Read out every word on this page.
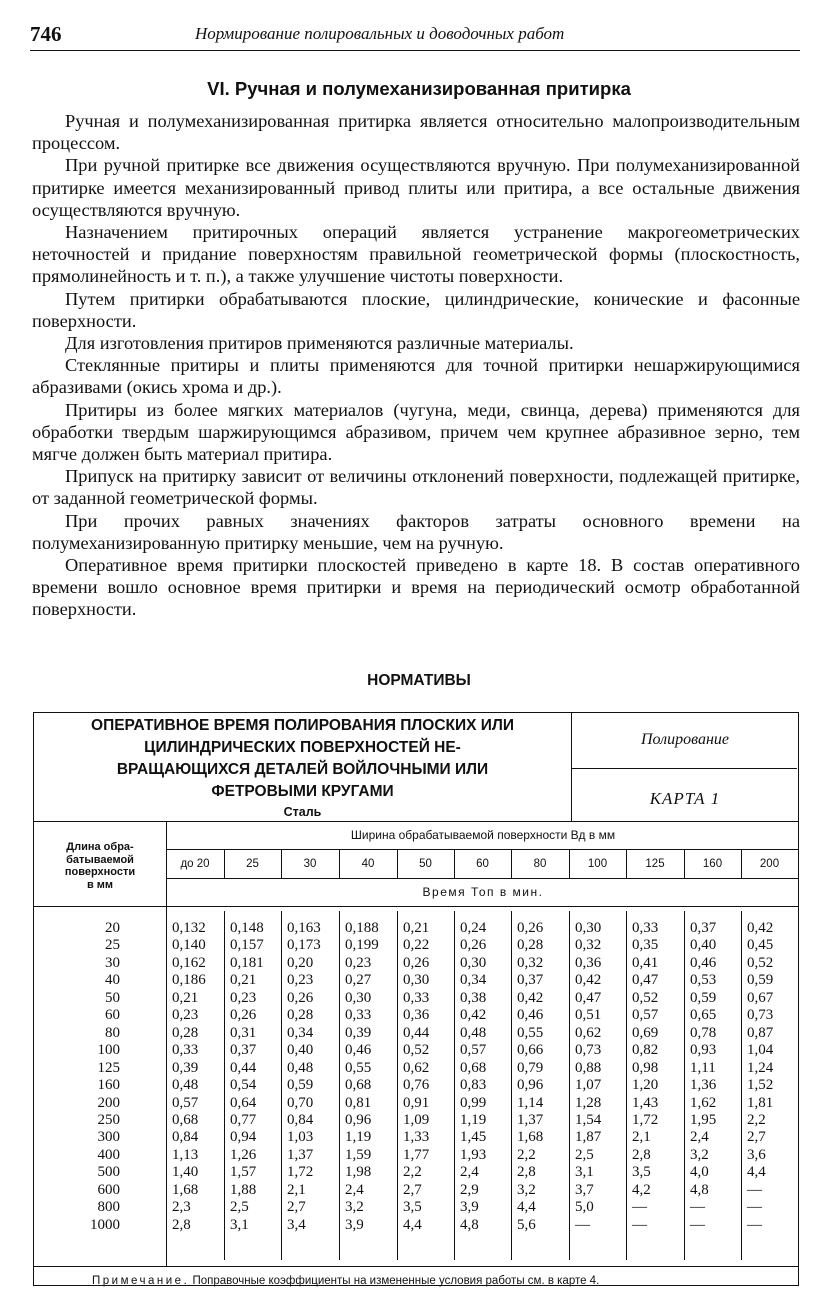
746	Нормирование полировальных и доводочных работ
VI. Ручная и полумеханизированная притирка

Ручная и полумеханизированная притирка является относительно малопроизводительным процессом.

При ручной притирке все движения осуществляются вручную. При полумеханизированной притирке имеется механизированный привод плиты или притира, а все остальные движения осуществляются вручную.

Назначением притирочных операций является устранение макрогеометрических неточностей и придание поверхностям правильной геометрической формы (плоскостность, прямолинейность и т. п.), а также улучшение чистоты поверхности.

Путем притирки обрабатываются плоские, цилиндрические, конические и фасонные поверхности.

Для изготовления притиров применяются различные материалы.

Стеклянные притиры и плиты применяются для точной притирки нешаржирующимися абразивами (окись хрома и др.).

Притиры из более мягких материалов (чугуна, меди, свинца, дерева) применяются для обработки твердым шаржирующимся абразивом, причем чем крупнее абразивное зерно, тем мягче должен быть материал притира.

Припуск на притирку зависит от величины отклонений поверхности, подлежащей притирке, от заданной геометрической формы.

При прочих равных значениях факторов затраты основного времени на полумеханизированную притирку меньшие, чем на ручную.

Оперативное время притирки плоскостей приведено в карте 18. В состав оперативного времени вошло основное время притирки и время на периодический осмотр обработанной поверхности.

НОРМАТИВЫ
ОПЕРАТИВНОЕ ВРЕМЯ ПОЛИРОВАНИЯ ПЛОСКИХ ИЛИ
ЦИЛИНДРИЧЕСКИХ ПОВЕРХНОСТЕЙ НЕ-
ВРАЩАЮЩИХСЯ ДЕТАЛЕЙ ВОЙЛОЧНЫМИ ИЛИ
ФЕТРОВЫМИ КРУГАМИ
Сталь
Полирование
КАРТА 1
Длина обра-
батываемой
поверхности
в мм
Ширина обрабатываемой поверхности Вд в мм
Время Топ в мин.
Примечание. Поправочные коэффициенты на измененные условия работы см. в карте 4.
до 20
0,132
0,140
0,162
0,186
0,21
0,23
0,28
0,33
0,39
0,48
0,57
0,68
0,84
1,13
1,40
1,68
2,3
2,8
25
0,148
0,157
0,181
0,21
0,23
0,26
0,31
0,37
0,44
0,54
0,64
0,77
0,94
1,26
1,57
1,88
2,5
3,1
30
0,163
0,173
0,20
0,23
0,26
0,28
0,34
0,40
0,48
0,59
0,70
0,84
1,03
1,37
1,72
2,1
2,7
3,4
40
0,188
0,199
0,23
0,27
0,30
0,33
0,39
0,46
0,55
0,68
0,81
0,96
1,19
1,59
1,98
2,4
3,2
3,9
50
0,21
0,22
0,26
0,30
0,33
0,36
0,44
0,52
0,62
0,76
0,91
1,09
1,33
1,77
2,2
2,7
3,5
4,4
60
0,24
0,26
0,30
0,34
0,38
0,42
0,48
0,57
0,68
0,83
0,99
1,19
1,45
1,93
2,4
2,9
3,9
4,8
80
0,26
0,28
0,32
0,37
0,42
0,46
0,55
0,66
0,79
0,96
1,14
1,37
1,68
2,2
2,8
3,2
4,4
5,6
100
0,30
0,32
0,36
0,42
0,47
0,51
0,62
0,73
0,88
1,07
1,28
1,54
1,87
2,5
3,1
3,7
5,0
—
125
0,33
0,35
0,41
0,47
0,52
0,57
0,69
0,82
0,98
1,20
1,43
1,72
2,1
2,8
3,5
4,2
—
—
160
0,37
0,40
0,46
0,53
0,59
0,65
0,78
0,93
1,11
1,36
1,62
1,95
2,4
3,2
4,0
4,8
—
—
200
0,42
0,45
0,52
0,59
0,67
0,73
0,87
1,04
1,24
1,52
1,81
2,2
2,7
3,6
4,4
—
—
—
20
25
30
40
50
60
80
100
125
160
200
250
300
400
500
600
800
1000
